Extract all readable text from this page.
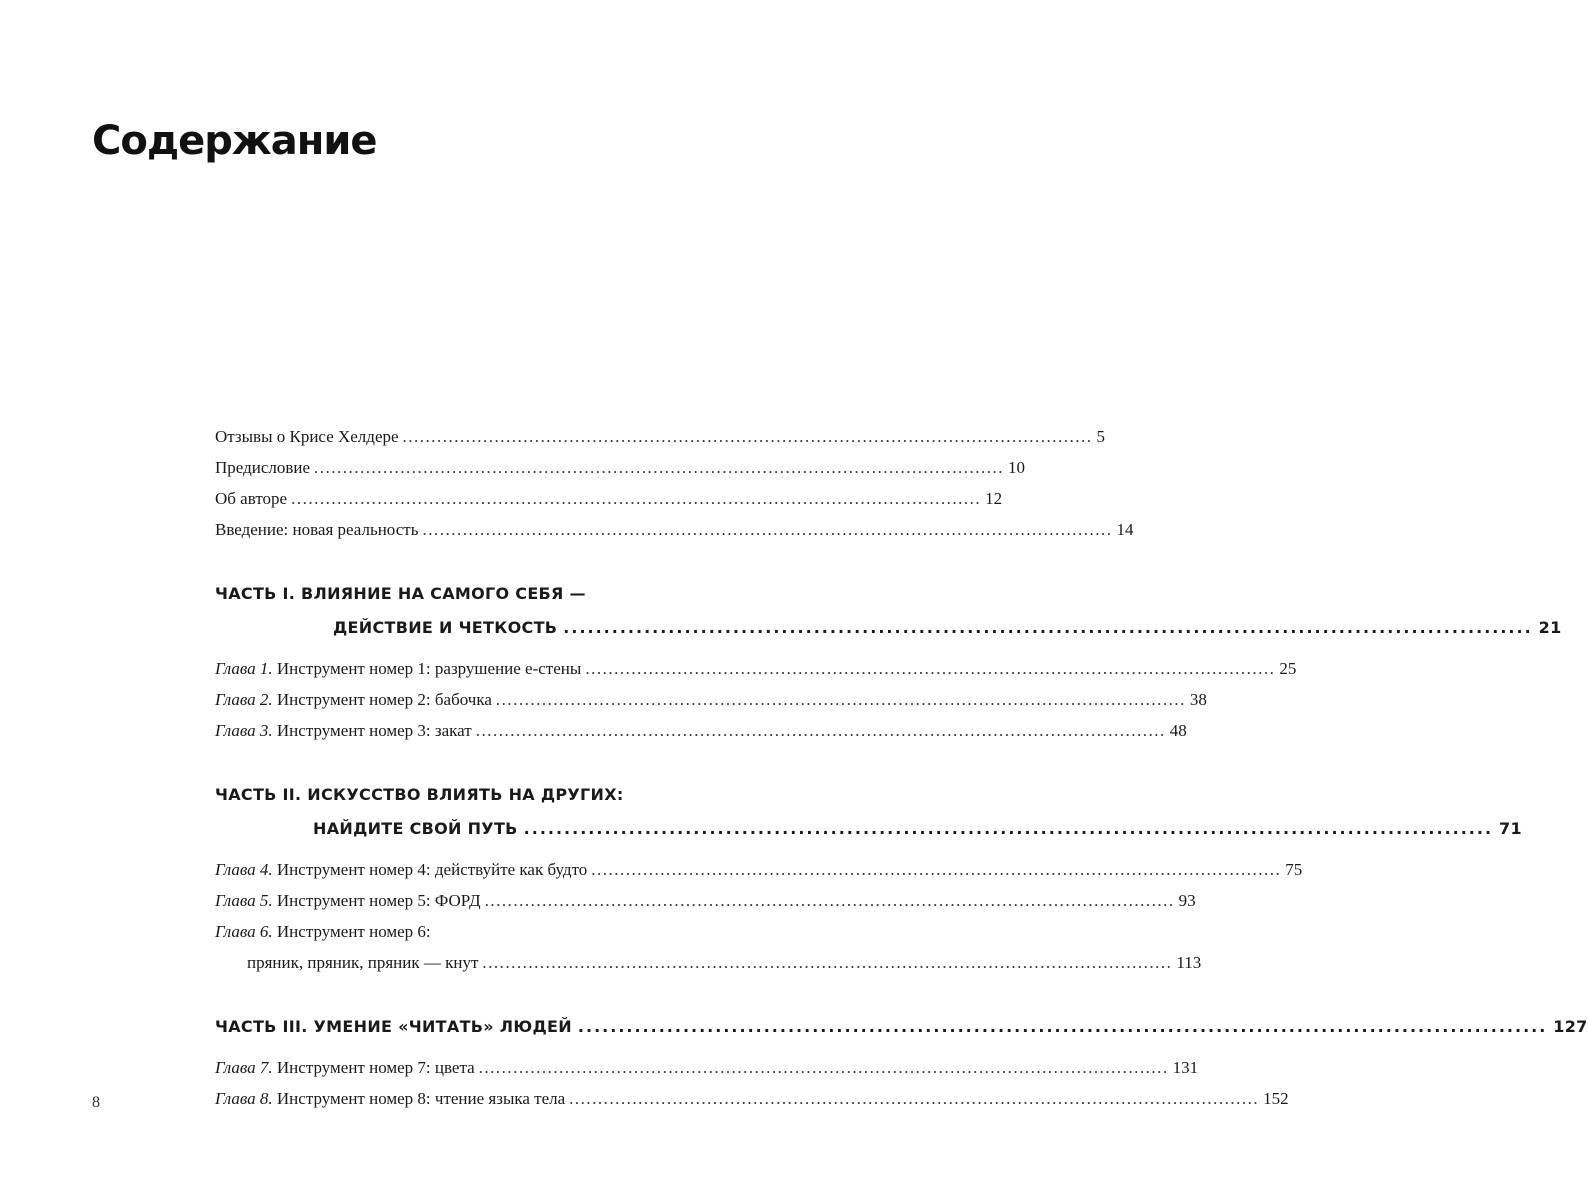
Содержание
Отзывы о Крисе Хелдере ........................................................................................................................ 5
Предисловие ........................................................................................................................ 10
Об авторе ........................................................................................................................ 12
Введение: новая реальность ........................................................................................................................ 14
ЧАСТЬ I. ВЛИЯНИЕ НА САМОГО СЕБЯ —
ДЕЙСТВИЕ И ЧЕТКОСТЬ ........................................................................................................................ 21
Глава 1. Инструмент номер 1: разрушение е-стены ........................................................................................................................ 25
Глава 2. Инструмент номер 2: бабочка ........................................................................................................................ 38
Глава 3. Инструмент номер 3: закат ........................................................................................................................ 48
ЧАСТЬ II. ИСКУССТВО ВЛИЯТЬ НА ДРУГИХ:
НАЙДИТЕ СВОЙ ПУТЬ ........................................................................................................................ 71
Глава 4. Инструмент номер 4: действуйте как будто ........................................................................................................................ 75
Глава 5. Инструмент номер 5: ФОРД ........................................................................................................................ 93
Глава 6. Инструмент номер 6:
пряник, пряник, пряник — кнут ........................................................................................................................ 113
ЧАСТЬ III. УМЕНИЕ «ЧИТАТЬ» ЛЮДЕЙ ........................................................................................................................ 127
Глава 7. Инструмент номер 7: цвета ........................................................................................................................ 131
Глава 8. Инструмент номер 8: чтение языка тела ........................................................................................................................ 152
8
